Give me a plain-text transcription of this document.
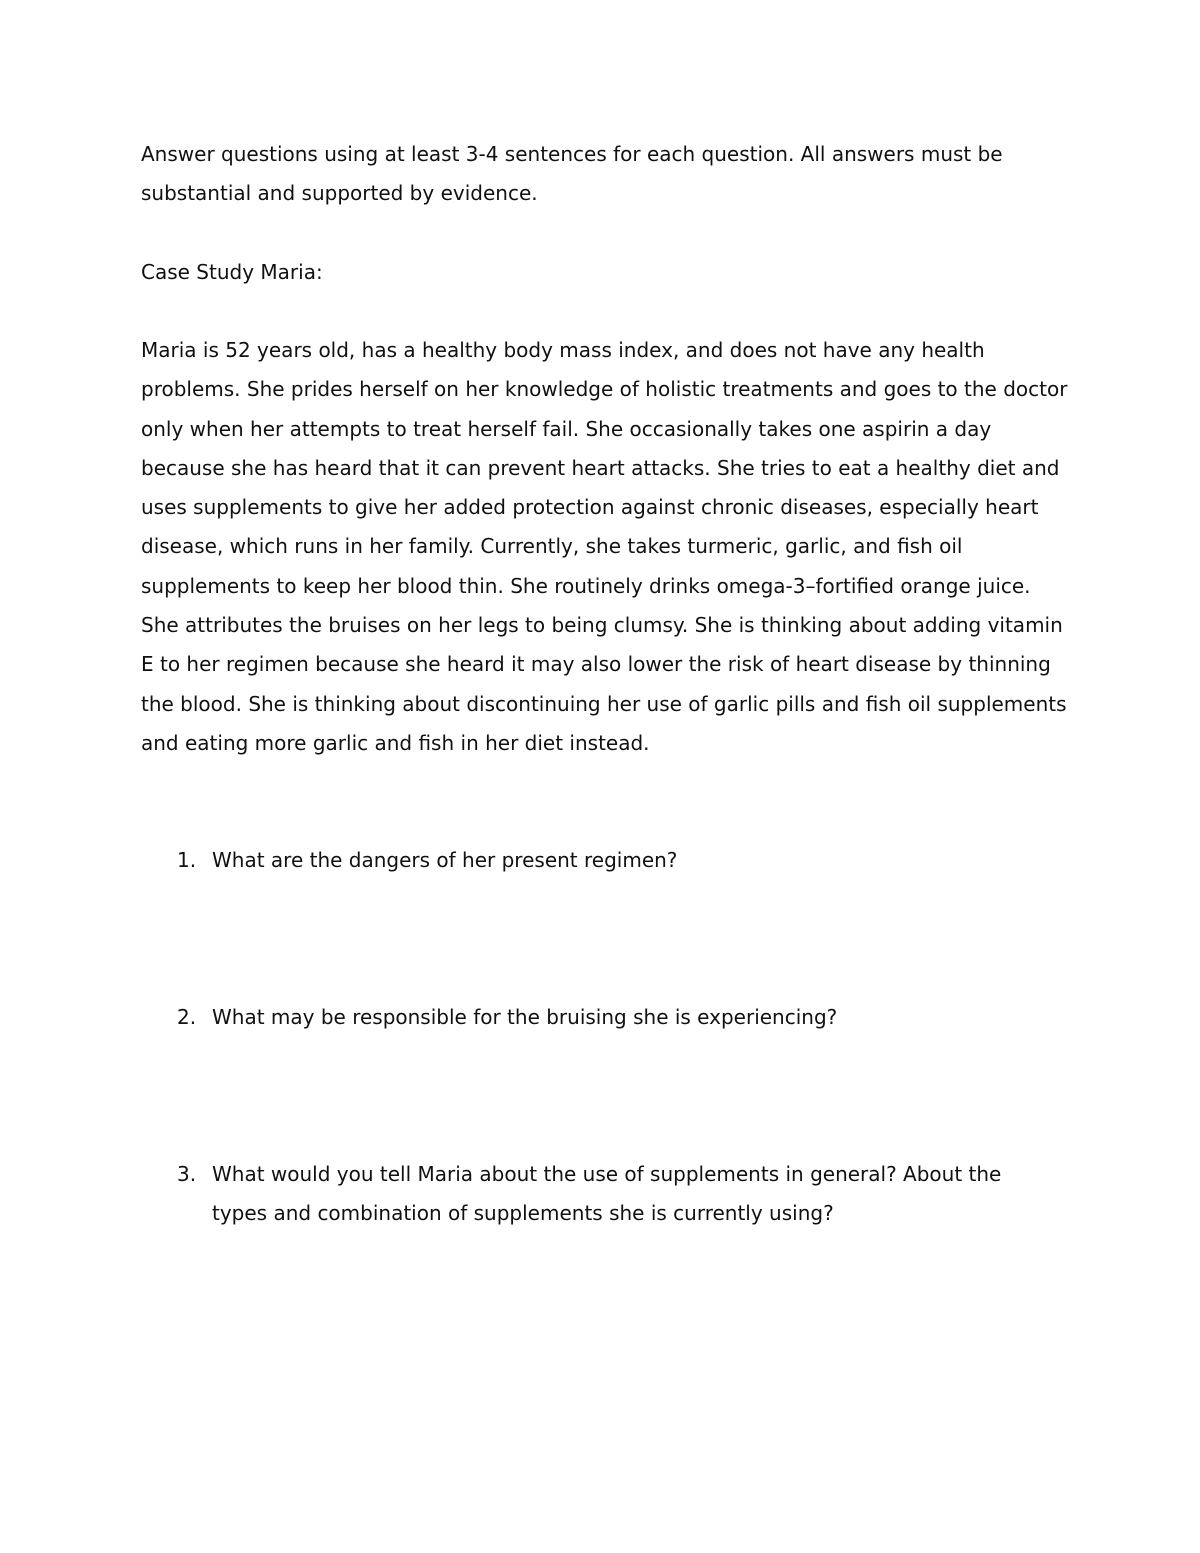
Answer questions using at least 3-4 sentences for each question. All answers must be substantial and supported by evidence.

Case Study Maria:

Maria is 52 years old, has a healthy body mass index, and does not have any health problems. She prides herself on her knowledge of holistic treatments and goes to the doctor only when her attempts to treat herself fail. She occasionally takes one aspirin a day because she has heard that it can prevent heart attacks. She tries to eat a healthy diet and uses supplements to give her added protection against chronic diseases, especially heart disease, which runs in her family. Currently, she takes turmeric, garlic, and fish oil supplements to keep her blood thin. She routinely drinks omega-3–fortified orange juice. She attributes the bruises on her legs to being clumsy. She is thinking about adding vitamin E to her regimen because she heard it may also lower the risk of heart disease by thinning the blood. She is thinking about discontinuing her use of garlic pills and fish oil supplements and eating more garlic and fish in her diet instead.

1. What are the dangers of her present regimen?
2. What may be responsible for the bruising she is experiencing?
3. What would you tell Maria about the use of supplements in general? About the types and combination of supplements she is currently using?
